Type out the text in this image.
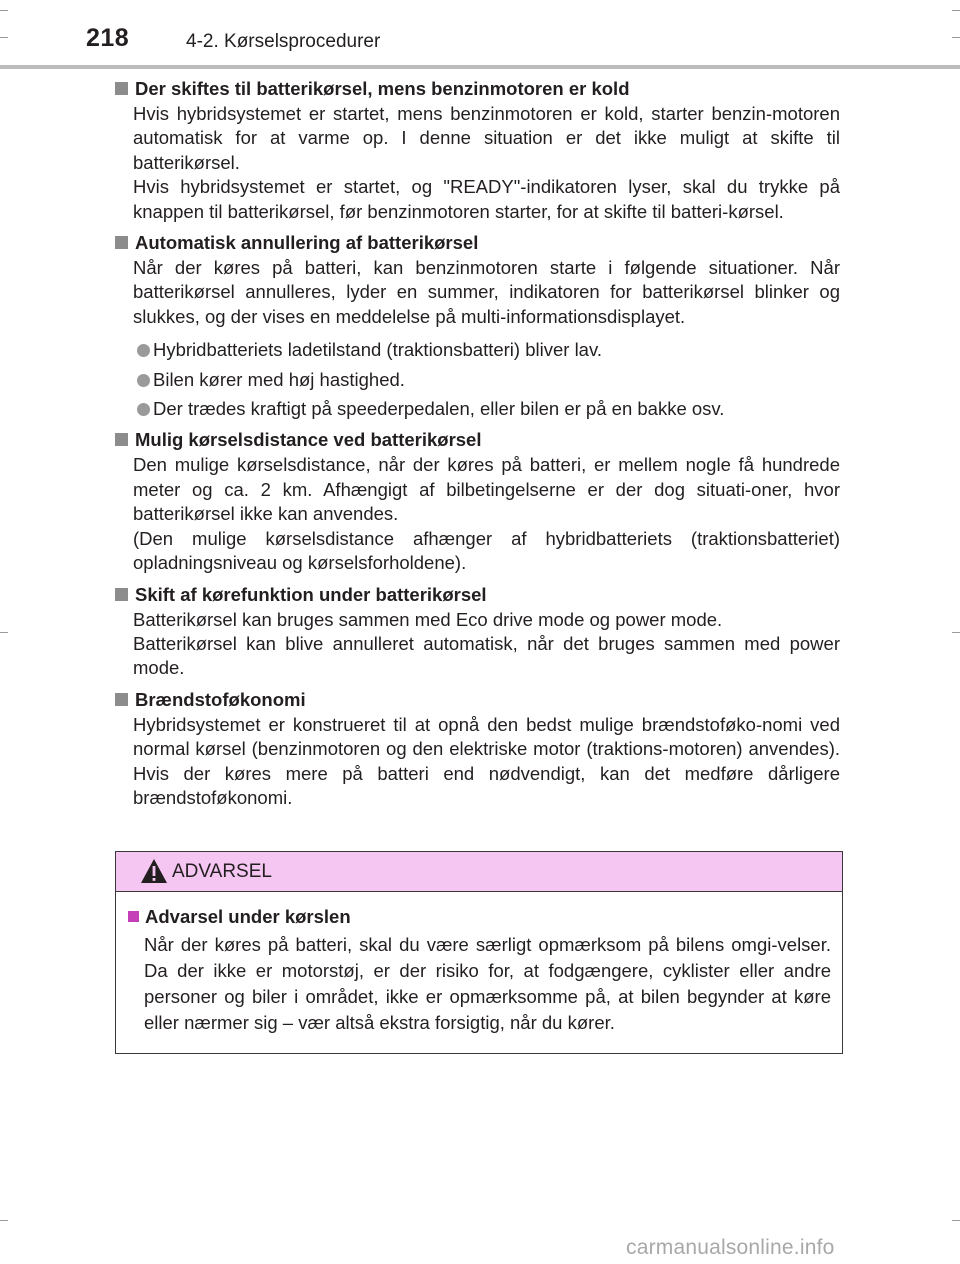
218	4-2. Kørselsprocedurer
Der skiftes til batterikørsel, mens benzinmotoren er kold
Hvis hybridsystemet er startet, mens benzinmotoren er kold, starter benzin-motoren automatisk for at varme op. I denne situation er det ikke muligt at skifte til batterikørsel.
Hvis hybridsystemet er startet, og "READY"-indikatoren lyser, skal du trykke på knappen til batterikørsel, før benzinmotoren starter, for at skifte til batteri-kørsel.
Automatisk annullering af batterikørsel
Når der køres på batteri, kan benzinmotoren starte i følgende situationer. Når batterikørsel annulleres, lyder en summer, indikatoren for batterikørsel blinker og slukkes, og der vises en meddelelse på multi-informationsdisplayet.
Hybridbatteriets ladetilstand (traktionsbatteri) bliver lav.
Bilen kører med høj hastighed.
Der trædes kraftigt på speederpedalen, eller bilen er på en bakke osv.
Mulig kørselsdistance ved batterikørsel
Den mulige kørselsdistance, når der køres på batteri, er mellem nogle få hundrede meter og ca. 2 km. Afhængigt af bilbetingelserne er der dog situati-oner, hvor batterikørsel ikke kan anvendes.
(Den mulige kørselsdistance afhænger af hybridbatteriets (traktionsbatteriet) opladningsniveau og kørselsforholdene).
Skift af kørefunktion under batterikørsel
Batterikørsel kan bruges sammen med Eco drive mode og power mode.
Batterikørsel kan blive annulleret automatisk, når det bruges sammen med power mode.
Brændstoføkonomi
Hybridsystemet er konstrueret til at opnå den bedst mulige brændstoføko-nomi ved normal kørsel (benzinmotoren og den elektriske motor (traktions-motoren) anvendes). Hvis der køres mere på batteri end nødvendigt, kan det medføre dårligere brændstoføkonomi.
ADVARSEL
Advarsel under kørslen
Når der køres på batteri, skal du være særligt opmærksom på bilens omgi-velser. Da der ikke er motorstøj, er der risiko for, at fodgængere, cyklister eller andre personer og biler i området, ikke er opmærksomme på, at bilen begynder at køre eller nærmer sig – vær altså ekstra forsigtig, når du kører.
carmanualsonline.info
